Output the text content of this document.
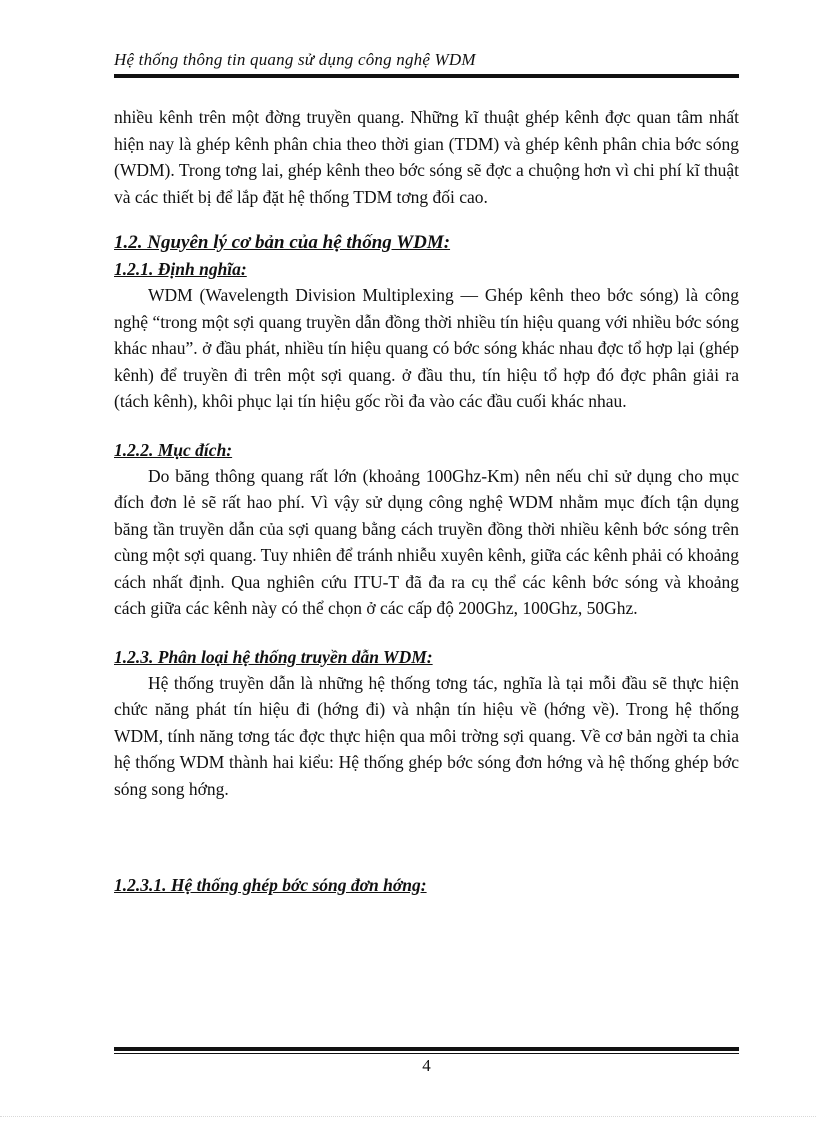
Hệ thống thông tin quang sử dụng công nghệ WDM

nhiều kênh trên một đờng truyền quang. Những kĩ thuật ghép kênh đợc quan tâm nhất hiện nay là ghép kênh phân chia theo thời gian (TDM) và ghép kênh phân chia bớc sóng (WDM). Trong tơng lai, ghép kênh theo bớc sóng sẽ đợc a chuộng hơn vì chi phí kĩ thuật và các thiết bị để lắp đặt hệ thống TDM tơng đối cao.

1.2. Nguyên lý cơ bản của hệ thống WDM:
1.2.1. Định nghĩa:

WDM (Wavelength Division Multiplexing — Ghép kênh theo bớc sóng) là công nghệ “trong một sợi quang truyền dẫn đồng thời nhiều tín hiệu quang với nhiều bớc sóng khác nhau”. ở đầu phát, nhiều tín hiệu quang có bớc sóng khác nhau đợc tổ hợp lại (ghép kênh) để truyền đi trên một sợi quang. ở đầu thu, tín hiệu tổ hợp đó đợc phân giải ra (tách kênh), khôi phục lại tín hiệu gốc rồi đa vào các đầu cuối khác nhau.

1.2.2. Mục đích:

Do băng thông quang rất lớn (khoảng 100Ghz-Km) nên nếu chỉ sử dụng cho mục đích đơn lẻ sẽ rất hao phí. Vì vậy sử dụng công nghệ WDM nhằm mục đích tận dụng băng tần truyền dẫn của sợi quang bằng cách truyền đồng thời nhiều kênh bớc sóng trên cùng một sợi quang. Tuy nhiên để tránh nhiễu xuyên kênh, giữa các kênh phải có khoảng cách nhất định. Qua nghiên cứu ITU-T đã đa ra cụ thể các kênh bớc sóng và khoảng cách giữa các kênh này có thể chọn ở các cấp độ 200Ghz, 100Ghz, 50Ghz.

1.2.3. Phân loại hệ thống truyền dẫn WDM:

Hệ thống truyền dẫn là những hệ thống tơng tác, nghĩa là tại mỗi đầu sẽ thực hiện chức năng phát tín hiệu đi (hớng đi) và nhận tín hiệu về (hớng về). Trong hệ thống WDM, tính năng tơng tác đợc thực hiện qua môi trờng sợi quang. Về cơ bản ngời ta chia hệ thống WDM thành hai kiểu: Hệ thống ghép bớc sóng đơn hớng và hệ thống ghép bớc sóng song hớng.

1.2.3.1. Hệ thống ghép bớc sóng đơn hớng:
4
